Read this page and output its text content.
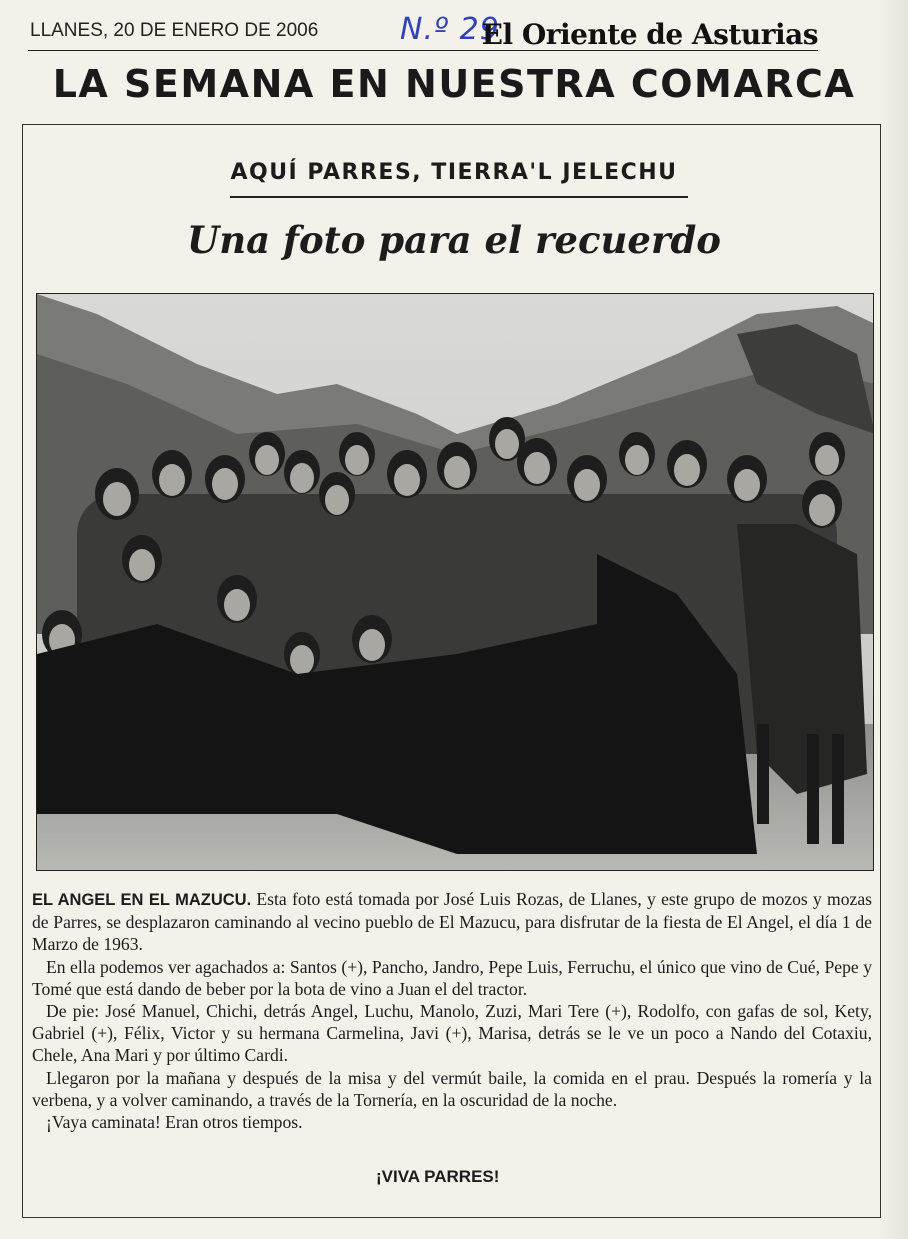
LLANES, 20 DE ENERO DE 2006	N.º 29
El Oriente de Asturias
LA SEMANA EN NUESTRA COMARCA
AQUÍ PARRES, TIERRA'L JELECHU
Una foto para el recuerdo

EL ANGEL EN EL MAZUCU. Esta foto está tomada por José Luis Rozas, de Llanes, y este grupo de mozos y mozas de Parres, se desplazaron caminando al vecino pueblo de El Mazucu, para disfrutar de la fiesta de El Angel, el día 1 de Marzo de 1963.

En ella podemos ver agachados a: Santos (+), Pancho, Jandro, Pepe Luis, Ferruchu, el único que vino de Cué, Pepe y Tomé que está dando de beber por la bota de vino a Juan el del tractor.

De pie: José Manuel, Chichi, detrás Angel, Luchu, Manolo, Zuzi, Mari Tere (+), Rodolfo, con gafas de sol, Kety, Gabriel (+), Félix, Victor y su hermana Carmelina, Javi (+), Marisa, detrás se le ve un poco a Nando del Cotaxiu, Chele, Ana Mari y por último Cardi.

Llegaron por la mañana y después de la misa y del vermút baile, la comida en el prau. Después la romería y la verbena, y a volver caminando, a través de la Tornería, en la oscuridad de la noche.

¡Vaya caminata! Eran otros tiempos.

¡VIVA PARRES!
